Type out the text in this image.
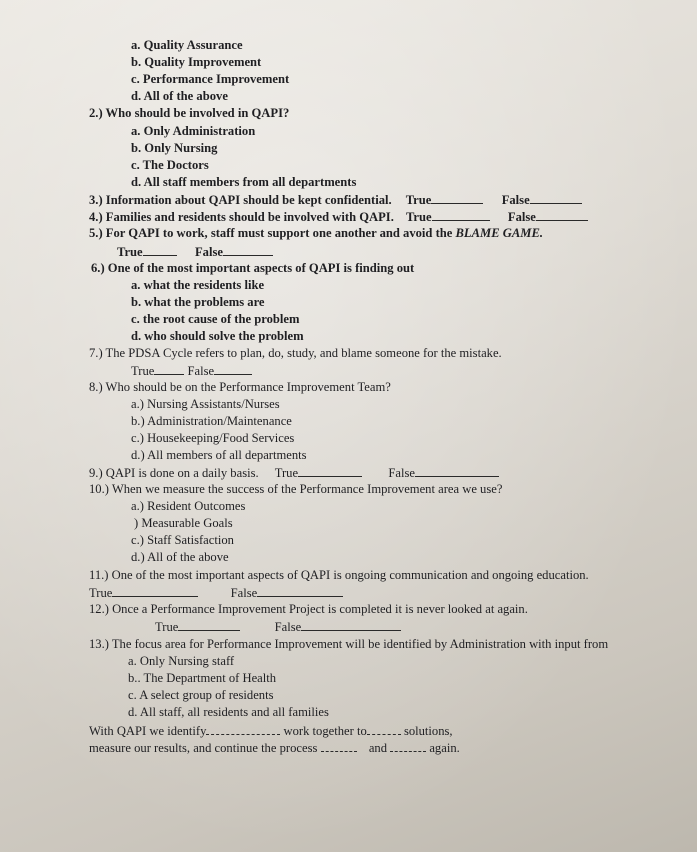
a. Quality Assurance
b. Quality Improvement
c. Performance Improvement
d. All of the above
2.) Who should be involved in QAPI?
a. Only Administration
b. Only Nursing
c. The Doctors
d. All staff members from all departments
3.) Information about QAPI should be kept confidential. True	False
4.) Families and residents should be involved with QAPI. True	False
5.) For QAPI to work, staff must support one another and avoid the BLAME GAME.
True	False
6.) One of the most important aspects of QAPI is finding out
a. what the residents like
b. what the problems are
c. the root cause of the problem
d. who should solve the problem
7.) The PDSA Cycle refers to plan, do, study, and blame someone for the mistake.
True	False
8.) Who should be on the Performance Improvement Team?
a.) Nursing Assistants/Nurses
b.) Administration/Maintenance
c.) Housekeeping/Food Services
d.) All members of all departments
9.) QAPI is done on a daily basis. True	False
10.) When we measure the success of the Performance Improvement area we use?
a.) Resident Outcomes
) Measurable Goals
c.) Staff Satisfaction
d.) All of the above
11.) One of the most important aspects of QAPI is ongoing communication and ongoing education.
True	False
12.) Once a Performance Improvement Project is completed it is never looked at again.
True	False
13.) The focus area for Performance Improvement will be identified by Administration with input from
a. Only Nursing staff
b.. The Department of Health
c. A select group of residents
d. All staff, all residents and all families
With QAPI we identify	work together to	solutions,
measure our results, and continue the process	and	again.
